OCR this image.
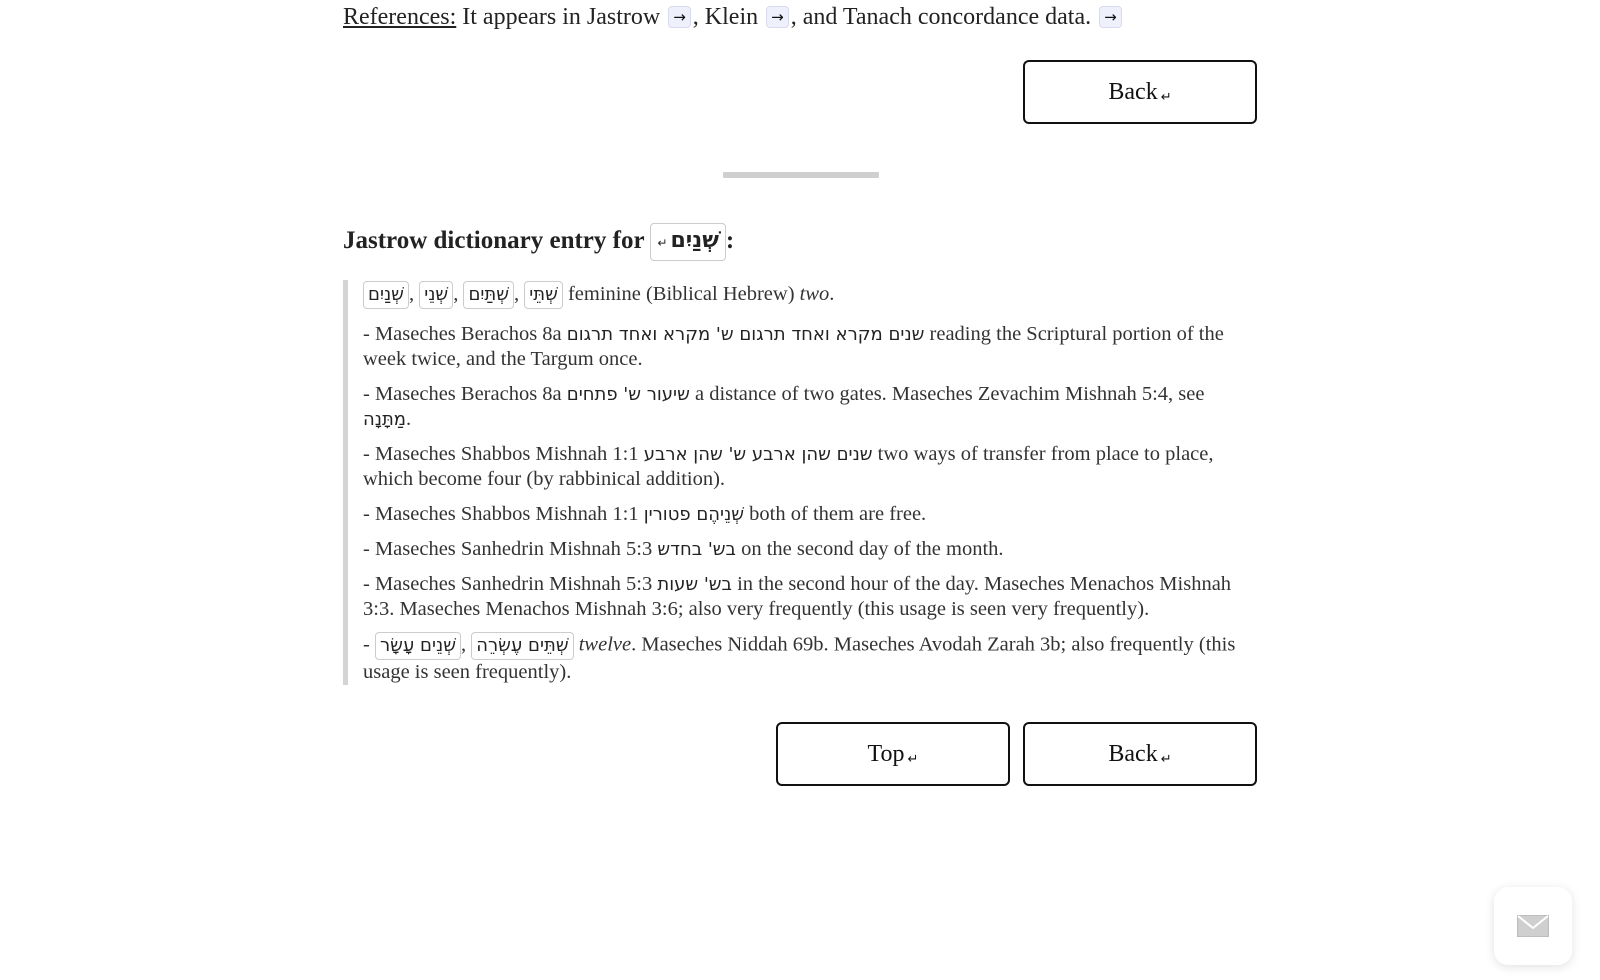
References: It appears in Jastrow → , Klein → , and Tanach concordance data. →
Back ↵
Jastrow dictionary entry for שְׁנַיִם↵ :
שְׁנַיִם , שְׁנֵי , שְׁתַּיִם , שְׁתֵּי feminine (Biblical Hebrew) two.
- Maseches Berachos 8a שנים מקרא ואחד תרגום ש' מקרא ואחד תרגום reading the Scriptural portion of the week twice, and the Targum once.
- Maseches Berachos 8a שיעור ש' פתחים a distance of two gates. Maseches Zevachim Mishnah 5:4, see מַתָּנָה.
- Maseches Shabbos Mishnah 1:1 שנים שהן ארבע ש' שהן ארבע two ways of transfer from place to place, which become four (by rabbinical addition).
- Maseches Shabbos Mishnah 1:1 שְׁנֵיהֶם פטורין both of them are free.
- Maseches Sanhedrin Mishnah 5:3 בש' בחדש on the second day of the month.
- Maseches Sanhedrin Mishnah 5:3 בש' שעות in the second hour of the day. Maseches Menachos Mishnah 3:3. Maseches Menachos Mishnah 3:6; also very frequently (this usage is seen very frequently).
- שְׁנֵים עָשָׂר , שְׁתֵּים עֶשְׂרֵה twelve. Maseches Niddah 69b. Maseches Avodah Zarah 3b; also frequently (this usage is seen frequently).
Top ↵	Back ↵
